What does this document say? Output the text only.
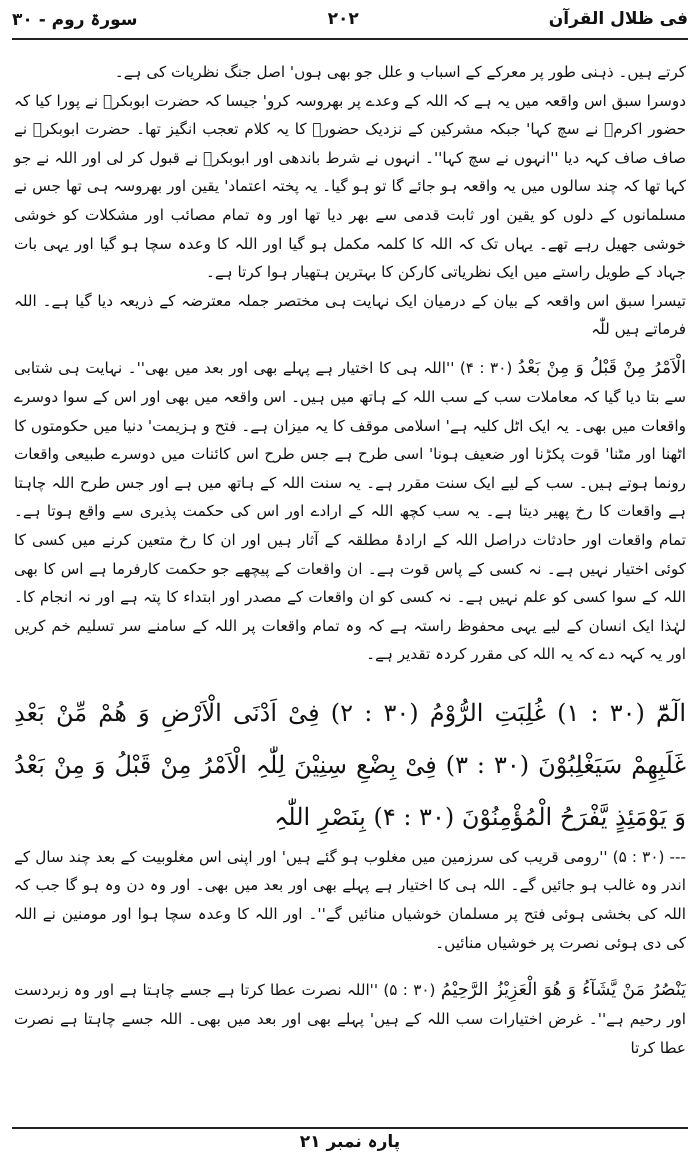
فی ظلال القرآن
۲۰۲
سورۃ روم - ۳۰

کرتے ہیں۔ ذہنی طور پر معرکے کے اسباب و علل جو بھی ہوں' اصل جنگ نظریات کی ہے۔

دوسرا سبق اس واقعہ میں یہ ہے کہ اللہ کے وعدے پر بھروسہ کرو' جیسا کہ حضرت ابوبکرؓ نے پورا کیا کہ حضور اکرمؐ نے سچ کہا' جبکہ مشرکین کے نزدیک حضورؐ کا یہ کلام تعجب انگیز تھا۔ حضرت ابوبکرؓ نے صاف صاف کہہ دیا ''انہوں نے سچ کہا''۔ انہوں نے شرط باندھی اور ابوبکرؓ نے قبول کر لی اور اللہ نے جو کہا تھا کہ چند سالوں میں یہ واقعہ ہو جائے گا تو ہو گیا۔ یہ پختہ اعتماد' یقین اور بھروسہ ہی تھا جس نے مسلمانوں کے دلوں کو یقین اور ثابت قدمی سے بھر دیا تھا اور وہ تمام مصائب اور مشکلات کو خوشی خوشی جھیل رہے تھے۔ یہاں تک کہ اللہ کا کلمہ مکمل ہو گیا اور اللہ کا وعدہ سچا ہو گیا اور یہی بات جہاد کے طویل راستے میں ایک نظریاتی کارکن کا بہترین ہتھیار ہوا کرتا ہے۔

تیسرا سبق اس واقعہ کے بیان کے درمیان ایک نہایت ہی مختصر جملہ معترضہ کے ذریعہ دیا گیا ہے۔ اللہ فرماتے ہیں للّٰہ

الْاَمْرُ مِنْ قَبْلُ وَ مِنْ بَعْدُ (۳۰ : ۴) ''اللہ ہی کا اختیار ہے پہلے بھی اور بعد میں بھی''۔ نہایت ہی شتابی سے بتا دیا گیا کہ معاملات سب کے سب اللہ کے ہاتھ میں ہیں۔ اس واقعہ میں بھی اور اس کے سوا دوسرے واقعات میں بھی۔ یہ ایک اٹل کلیہ ہے' اسلامی موقف کا یہ میزان ہے۔ فتح و ہزیمت' دنیا میں حکومتوں کا اٹھنا اور مٹنا' قوت پکڑنا اور ضعیف ہونا' اسی طرح ہے جس طرح اس کائنات میں دوسرے طبیعی واقعات رونما ہوتے ہیں۔ سب کے لیے ایک سنت مقرر ہے۔ یہ سنت اللہ کے ہاتھ میں ہے اور جس طرح اللہ چاہتا ہے واقعات کا رخ پھیر دیتا ہے۔ یہ سب کچھ اللہ کے ارادے اور اس کی حکمت پذیری سے واقع ہوتا ہے۔ تمام واقعات اور حادثات دراصل اللہ کے ارادۂ مطلقہ کے آثار ہیں اور ان کا رخ متعین کرنے میں کسی کا کوئی اختیار نہیں ہے۔ نہ کسی کے پاس قوت ہے۔ ان واقعات کے پیچھے جو حکمت کارفرما ہے اس کا بھی اللہ کے سوا کسی کو علم نہیں ہے۔ نہ کسی کو ان واقعات کے مصدر اور ابتداء کا پتہ ہے اور نہ انجام کا۔ لہٰذا ایک انسان کے لیے یہی محفوظ راستہ ہے کہ وہ تمام واقعات پر اللہ کے سامنے سر تسلیم خم کریں اور یہ کہہ دے کہ یہ اللہ کی مقرر کردہ تقدیر ہے۔

الٓمّٓ (۳۰ : ۱) غُلِبَتِ الرُّوْمُ (۳۰ : ۲) فِیْ اَدْنَی الْاَرْضِ وَ ھُمْ مِّنْ بَعْدِ غَلَبِھِمْ سَیَغْلِبُوْنَ (۳۰ : ۳) فِیْ بِضْعِ سِنِیْنَ لِلّٰہِ الْاَمْرُ مِنْ قَبْلُ وَ مِنْ بَعْدُ وَ یَوْمَئِذٍ یَّفْرَحُ الْمُؤْمِنُوْنَ (۳۰ : ۴) بِنَصْرِ اللّٰہِ

--- (۳۰ : ۵) ''رومی قریب کی سرزمین میں مغلوب ہو گئے ہیں' اور اپنی اس مغلوبیت کے بعد چند سال کے اندر وہ غالب ہو جائیں گے۔ اللہ ہی کا اختیار ہے پہلے بھی اور بعد میں بھی۔ اور وہ دن وہ ہو گا جب کہ اللہ کی بخشی ہوئی فتح پر مسلمان خوشیاں منائیں گے''۔ اور اللہ کا وعدہ سچا ہوا اور مومنین نے اللہ کی دی ہوئی نصرت پر خوشیاں منائیں۔

یَنْصُرُ مَنْ یَّشَآءُ وَ ھُوَ الْعَزِیْزُ الرَّحِیْمُ (۳۰ : ۵) ''اللہ نصرت عطا کرتا ہے جسے چاہتا ہے اور وہ زبردست اور رحیم ہے''۔ غرض اختیارات سب اللہ کے ہیں' پہلے بھی اور بعد میں بھی۔ اللہ جسے چاہتا ہے نصرت عطا کرتا

پارہ نمبر ۲۱
